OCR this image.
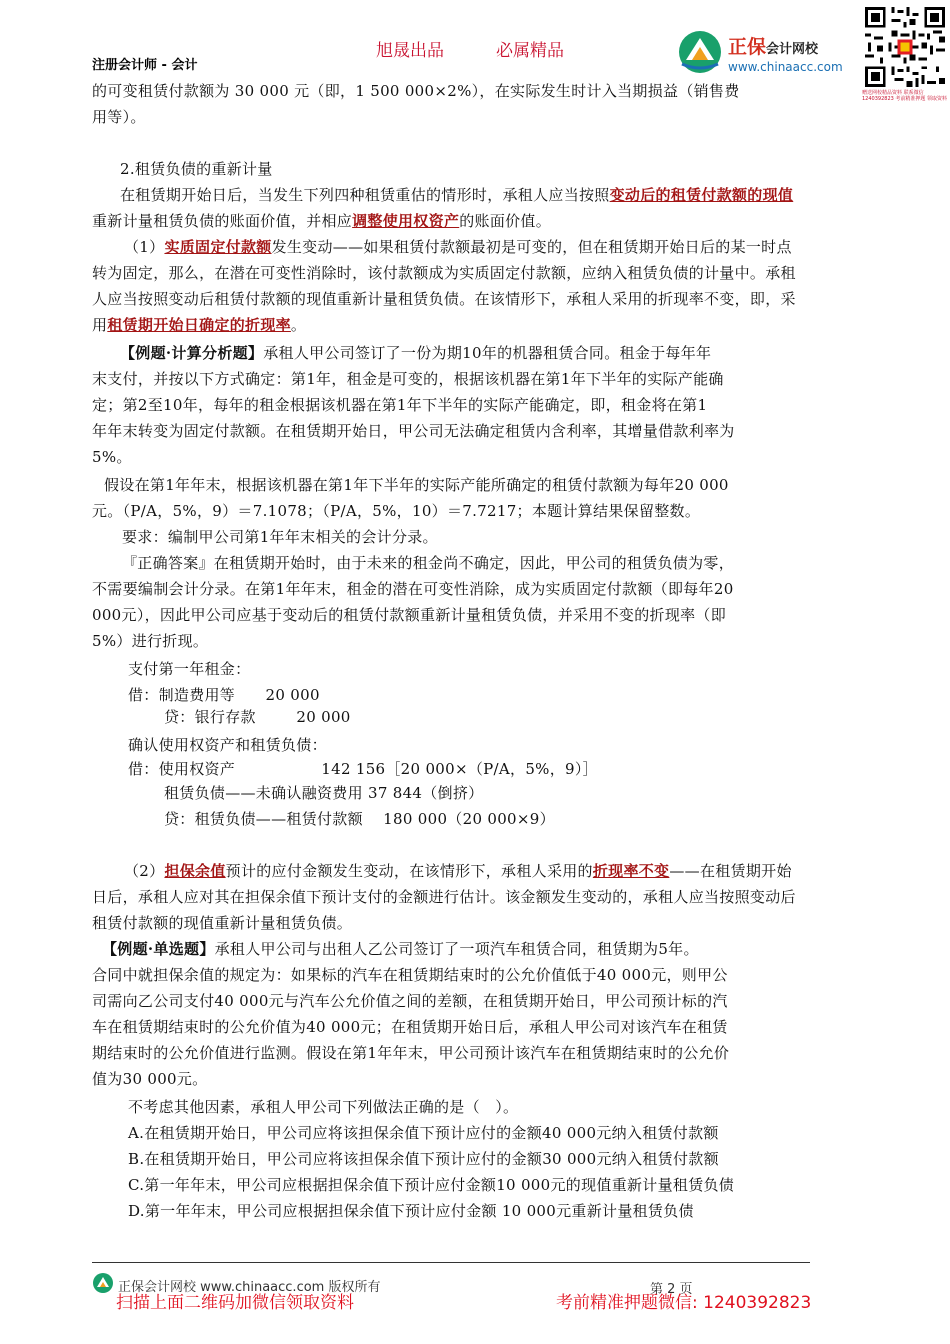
旭晟出品	必属精品
注册会计师 - 会计
正保会计网校
www.chinaacc.com
赠送网校精品资料 联系微信 1240392823 考前精准押题 领取资料
的可变租赁付款额为 30 000 元（即，1 500 000×2%），在实际发生时计入当期损益（销售费
用等）。
2.租赁负债的重新计量
在租赁期开始日后，当发生下列四种租赁重估的情形时，承租人应当按照变动后的租赁付款额的现值
重新计量租赁负债的账面价值，并相应调整使用权资产的账面价值。
（1）实质固定付款额发生变动——如果租赁付款额最初是可变的，但在租赁期开始日后的某一时点
转为固定，那么，在潜在可变性消除时，该付款额成为实质固定付款额，应纳入租赁负债的计量中。承租
人应当按照变动后租赁付款额的现值重新计量租赁负债。在该情形下，承租人采用的折现率不变，即，采
用租赁期开始日确定的折现率。
【例题·计算分析题】承租人甲公司签订了一份为期10年的机器租赁合同。租金于每年年
末支付，并按以下方式确定：第1年，租金是可变的，根据该机器在第1年下半年的实际产能确
定；第2至10年，每年的租金根据该机器在第1年下半年的实际产能确定，即，租金将在第1
年年末转变为固定付款额。在租赁期开始日，甲公司无法确定租赁内含利率，其增量借款利率为
5%。
假设在第1年年末，根据该机器在第1年下半年的实际产能所确定的租赁付款额为每年20 000
元。（P/A，5%，9）＝7.1078；（P/A，5%，10）＝7.7217；本题计算结果保留整数。
要求：编制甲公司第1年年末相关的会计分录。
『正确答案』在租赁期开始时，由于未来的租金尚不确定，因此，甲公司的租赁负债为零，
不需要编制会计分录。在第1年年末，租金的潜在可变性消除，成为实质固定付款额（即每年20
000元），因此甲公司应基于变动后的租赁付款额重新计量租赁负债，并采用不变的折现率（即
5%）进行折现。
支付第一年租金：
借：制造费用等      20 000
贷：银行存款        20 000
确认使用权资产和租赁负债：
借：使用权资产                 142 156［20 000×（P/A，5%，9）］
租赁负债——未确认融资费用 37 844（倒挤）
贷：租赁负债——租赁付款额    180 000（20 000×9）
（2）担保余值预计的应付金额发生变动，在该情形下，承租人采用的折现率不变——在租赁期开始
日后，承租人应对其在担保余值下预计支付的金额进行估计。该金额发生变动的，承租人应当按照变动后
租赁付款额的现值重新计量租赁负债。
【例题·单选题】承租人甲公司与出租人乙公司签订了一项汽车租赁合同，租赁期为5年。
合同中就担保余值的规定为：如果标的汽车在租赁期结束时的公允价值低于40 000元，则甲公
司需向乙公司支付40 000元与汽车公允价值之间的差额，在租赁期开始日，甲公司预计标的汽
车在租赁期结束时的公允价值为40 000元；在租赁期开始日后，承租人甲公司对该汽车在租赁
期结束时的公允价值进行监测。假设在第1年年末，甲公司预计该汽车在租赁期结束时的公允价
值为30 000元。
不考虑其他因素，承租人甲公司下列做法正确的是（　）。
A.在租赁期开始日，甲公司应将该担保余值下预计应付的金额40 000元纳入租赁付款额
B.在租赁期开始日，甲公司应将该担保余值下预计应付的金额30 000元纳入租赁付款额
C.第一年年末，甲公司应根据担保余值下预计应付金额10 000元的现值重新计量租赁负债
D.第一年年末，甲公司应根据担保余值下预计应付金额 10 000元重新计量租赁负债
正保会计网校 www.chinaacc.com 版权所有	第 2 页
扫描上面二维码加微信领取资料	考前精准押题微信: 1240392823
